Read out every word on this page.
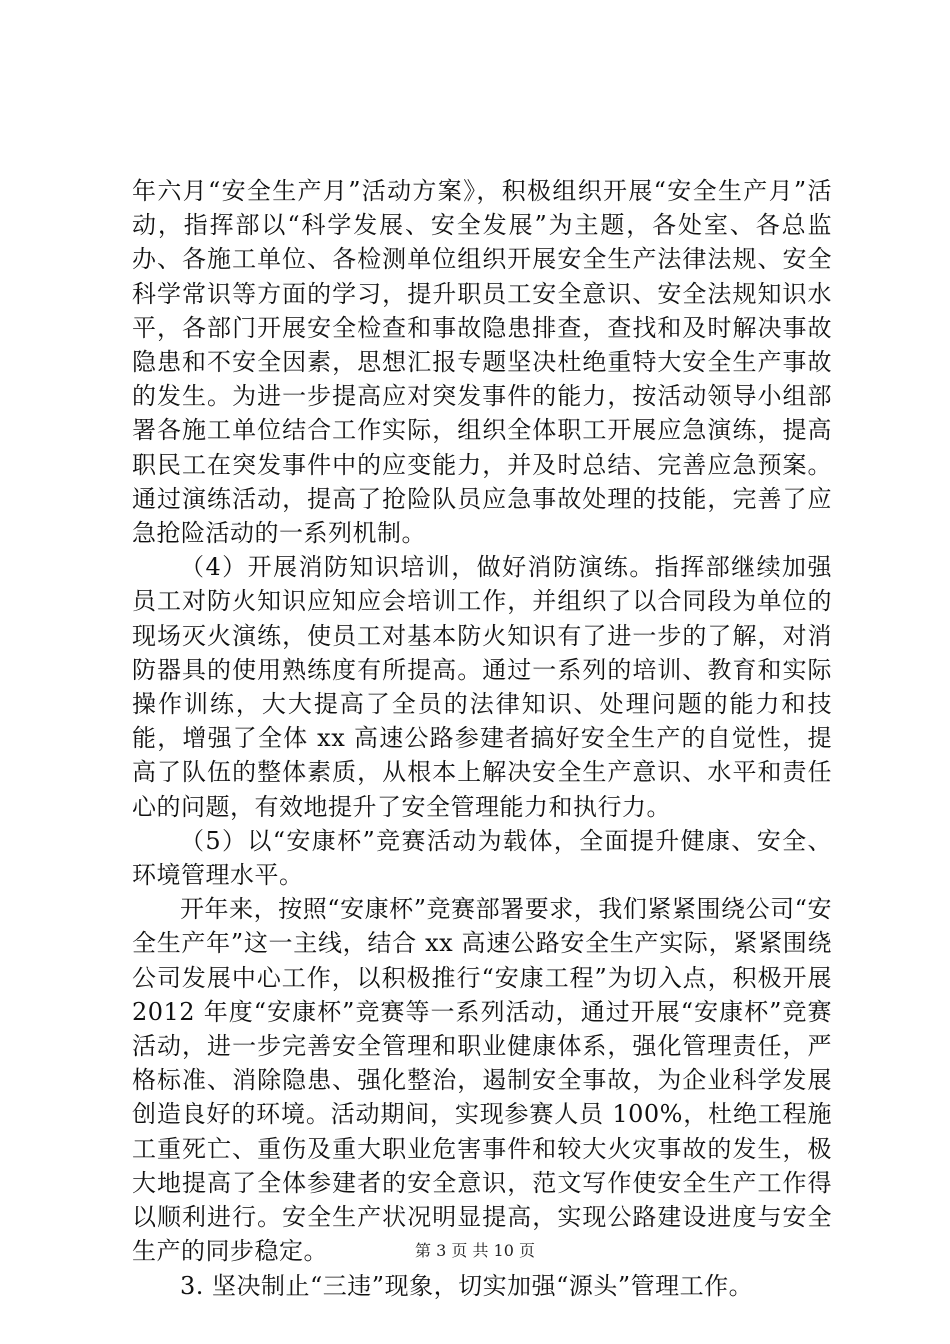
年六月“安全生产月”活动方案》，积极组织开展“安全生产月”活动，指挥部以“科学发展、安全发展”为主题，各处室、各总监办、各施工单位、各检测单位组织开展安全生产法律法规、安全科学常识等方面的学习，提升职员工安全意识、安全法规知识水平，各部门开展安全检查和事故隐患排查，查找和及时解决事故隐患和不安全因素，思想汇报专题坚决杜绝重特大安全生产事故的发生。为进一步提高应对突发事件的能力，按活动领导小组部署各施工单位结合工作实际，组织全体职工开展应急演练，提高职民工在突发事件中的应变能力，并及时总结、完善应急预案。通过演练活动，提高了抢险队员应急事故处理的技能，完善了应急抢险活动的一系列机制。

（4）开展消防知识培训，做好消防演练。指挥部继续加强员工对防火知识应知应会培训工作，并组织了以合同段为单位的现场灭火演练，使员工对基本防火知识有了进一步的了解，对消防器具的使用熟练度有所提高。通过一系列的培训、教育和实际操作训练，大大提高了全员的法律知识、处理问题的能力和技能，增强了全体 xx 高速公路参建者搞好安全生产的自觉性，提高了队伍的整体素质，从根本上解决安全生产意识、水平和责任心的问题，有效地提升了安全管理能力和执行力。

（5）以“安康杯”竞赛活动为载体，全面提升健康、安全、环境管理水平。

开年来，按照“安康杯”竞赛部署要求，我们紧紧围绕公司“安全生产年”这一主线，结合 xx 高速公路安全生产实际，紧紧围绕公司发展中心工作，以积极推行“安康工程”为切入点，积极开展2012 年度“安康杯”竞赛等一系列活动，通过开展“安康杯”竞赛活动，进一步完善安全管理和职业健康体系，强化管理责任，严格标准、消除隐患、强化整治，遏制安全事故，为企业科学发展创造良好的环境。活动期间，实现参赛人员 100%，杜绝工程施工重死亡、重伤及重大职业危害事件和较大火灾事故的发生，极大地提高了全体参建者的安全意识，范文写作使安全生产工作得以顺利进行。安全生产状况明显提高，实现公路建设进度与安全生产的同步稳定。

3. 坚决制止“三违”现象，切实加强“源头”管理工作。

第 3 页 共 10 页
